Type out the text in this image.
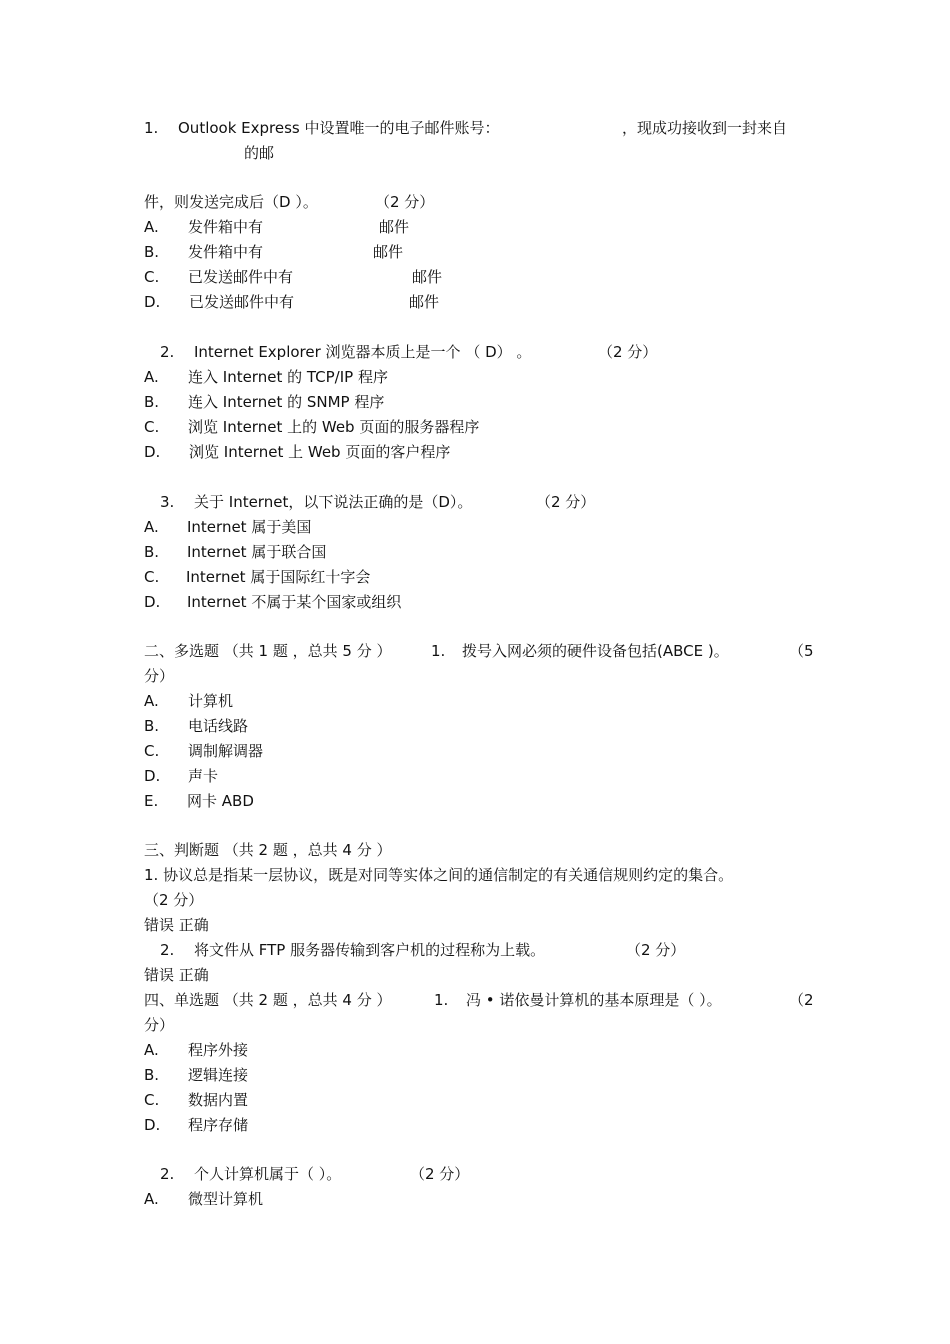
1. Outlook Express 中设置唯一的电子邮件账号：	，现成功接收到一封来自
的邮
件，则发送完成后（D ）。	（2 分）
A. 发件箱中有	邮件
B. 发件箱中有	邮件
C. 已发送邮件中有	邮件
D. 已发送邮件中有	邮件
2. Internet Explorer 浏览器本质上是一个 （ D） 。	（2 分）
A. 连入 Internet 的 TCP/IP 程序
B. 连入 Internet 的 SNMP 程序
C. 浏览 Internet 上的 Web 页面的服务器程序
D. 浏览 Internet 上 Web 页面的客户程序
3. 关于 Internet，以下说法正确的是（D）。	（2 分）
A. Internet 属于美国
B. Internet 属于联合国
C. Internet 属于国际红十字会
D. Internet 不属于某个国家或组织
二、多选题 （共 1 题 ，总共 5 分 ）	1. 拨号入网必须的硬件设备包括(ABCE )。	（5
分）
A. 计算机
B. 电话线路
C. 调制解调器
D. 声卡
E. 网卡 ABD
三、判断题 （共 2 题 ，总共 4 分 ）
1. 协议总是指某一层协议，既是对同等实体之间的通信制定的有关通信规则约定的集合。
（2 分）
错误 正确
2. 将文件从 FTP 服务器传输到客户机的过程称为上载。	（2 分）
错误 正确
四、单选题 （共 2 题 ，总共 4 分 ）	1. 冯 • 诺依曼计算机的基本原理是（ ）。	（2
分）
A. 程序外接
B. 逻辑连接
C. 数据内置
D. 程序存储
2. 个人计算机属于（ ）。	（2 分）
A. 微型计算机
